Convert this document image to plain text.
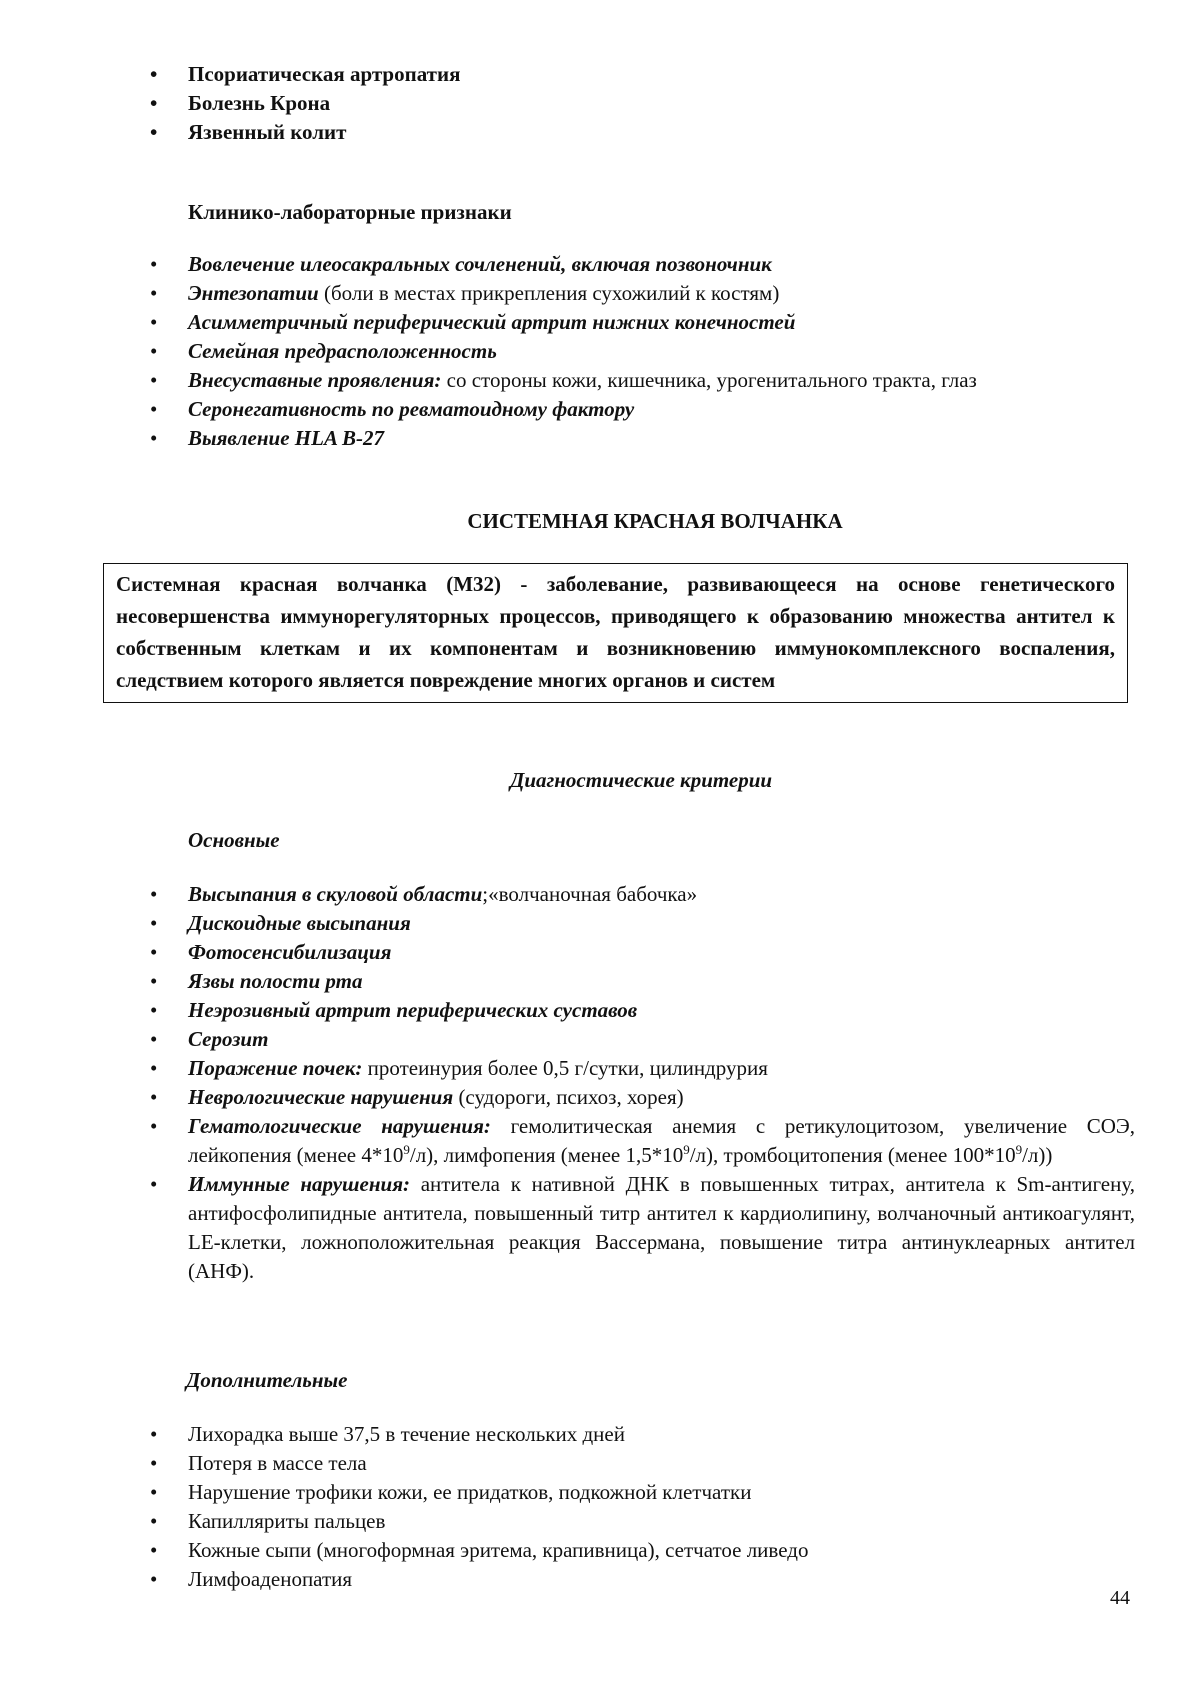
• Псориатическая артропатия
• Болезнь Крона
• Язвенный колит
Клинико-лабораторные признаки
• Вовлечение илеосакральных сочленений, включая позвоночник
• Энтезопатии (боли в местах прикрепления сухожилий к костям)
• Асимметричный периферический артрит нижних конечностей
• Семейная предрасположенность
• Внесуставные проявления: со стороны кожи, кишечника, урогенитального тракта, глаз
• Серонегативность по ревматоидному фактору
• Выявление HLA B-27
СИСТЕМНАЯ КРАСНАЯ ВОЛЧАНКА
Системная красная волчанка (М32) - заболевание, развивающееся на основе генетического несовершенства иммунорегуляторных процессов, приводящего к образованию множества антител к собственным клеткам и их компонентам и возникновению иммунокомплексного воспаления, следствием которого является повреждение многих органов и систем
Диагностические критерии
Основные
• Высыпания в скуловой области;«волчаночная бабочка»
• Дискоидные высыпания
• Фотосенсибилизация
• Язвы полости рта
• Неэрозивный артрит периферических суставов
• Серозит
• Поражение почек: протеинурия более 0,5 г/сутки, цилиндрурия
• Неврологические нарушения (судороги, психоз, хорея)
• Гематологические нарушения: гемолитическая анемия с ретикулоцитозом, увеличение СОЭ, лейкопения (менее $4*10^9/л$), лимфопения (менее $1,5*10^9/л$), тромбоцитопения (менее $100*10^9/л$))
• Иммунные нарушения: антитела к нативной ДНК в повышенных титрах, антитела к Sm-антигену, антифосфолипидные антитела, повышенный титр антител к кардиолипину, волчаночный антикоагулянт, LE-клетки, ложноположительная реакция Вассермана, повышение титра антинуклеарных антител (АНФ).
Дополнительные
• Лихорадка выше 37,5 в течение нескольких дней
• Потеря в массе тела
• Нарушение трофики кожи, ее придатков, подкожной клетчатки
• Капилляриты пальцев
• Кожные сыпи (многоформная эритема, крапивница), сетчатое ливедо
• Лимфоаденопатия
44
